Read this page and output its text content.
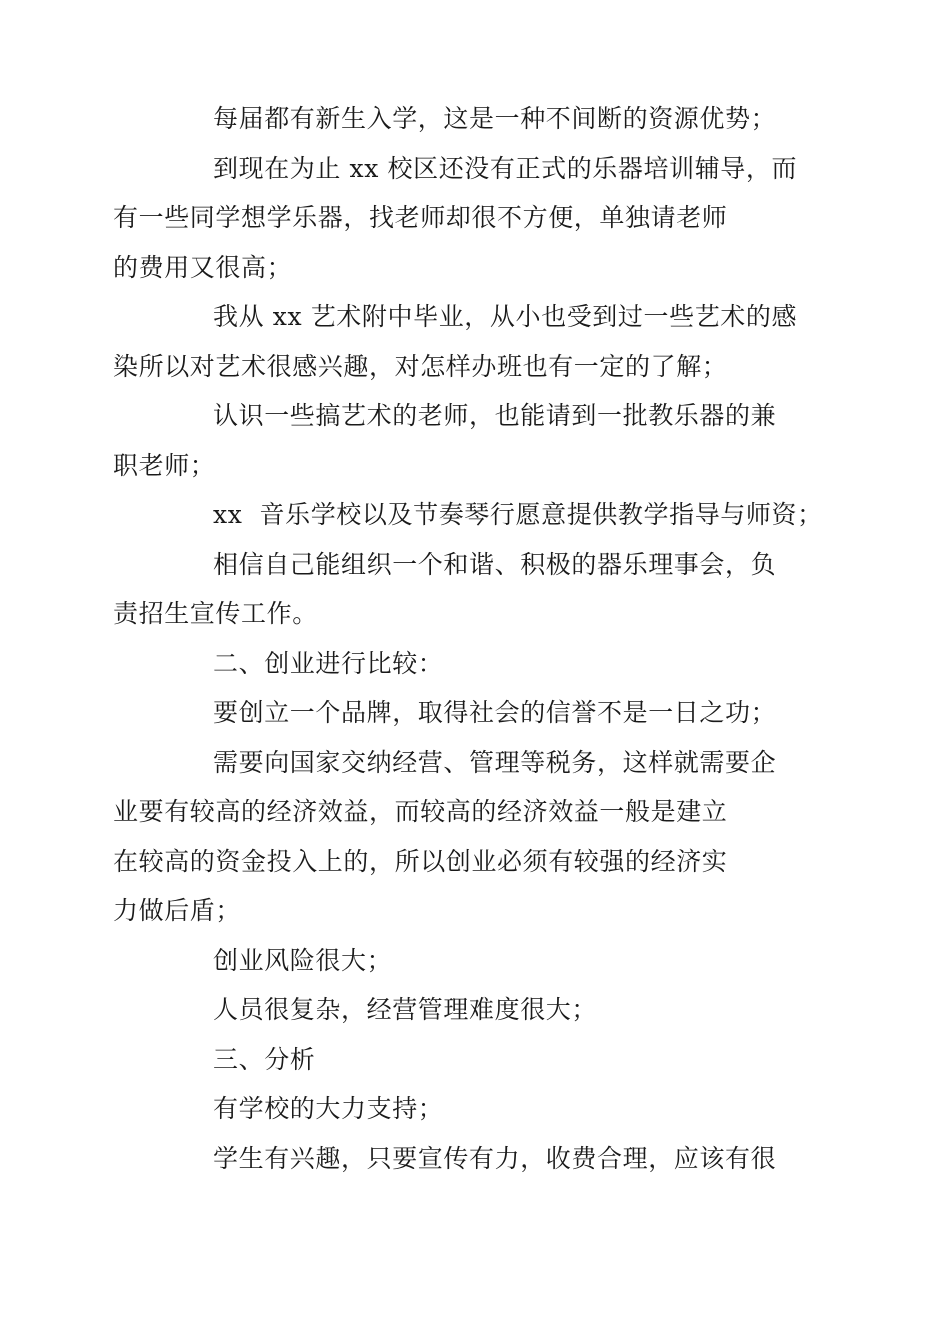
每届都有新生入学，这是一种不间断的资源优势；

到现在为止 xx 校区还没有正式的乐器培训辅导，而
有一些同学想学乐器，找老师却很不方便，单独请老师
的费用又很高；

我从 xx 艺术附中毕业，从小也受到过一些艺术的感
染所以对艺术很感兴趣，对怎样办班也有一定的了解；

认识一些搞艺术的老师，也能请到一批教乐器的兼
职老师；

xx  音乐学校以及节奏琴行愿意提供教学指导与师资；

相信自己能组织一个和谐、积极的器乐理事会，负
责招生宣传工作。

二、创业进行比较：

要创立一个品牌，取得社会的信誉不是一日之功；

需要向国家交纳经营、管理等税务，这样就需要企
业要有较高的经济效益，而较高的经济效益一般是建立
在较高的资金投入上的，所以创业必须有较强的经济实
力做后盾；

创业风险很大；

人员很复杂，经营管理难度很大；

三、分析

有学校的大力支持；

学生有兴趣，只要宣传有力，收费合理，应该有很
